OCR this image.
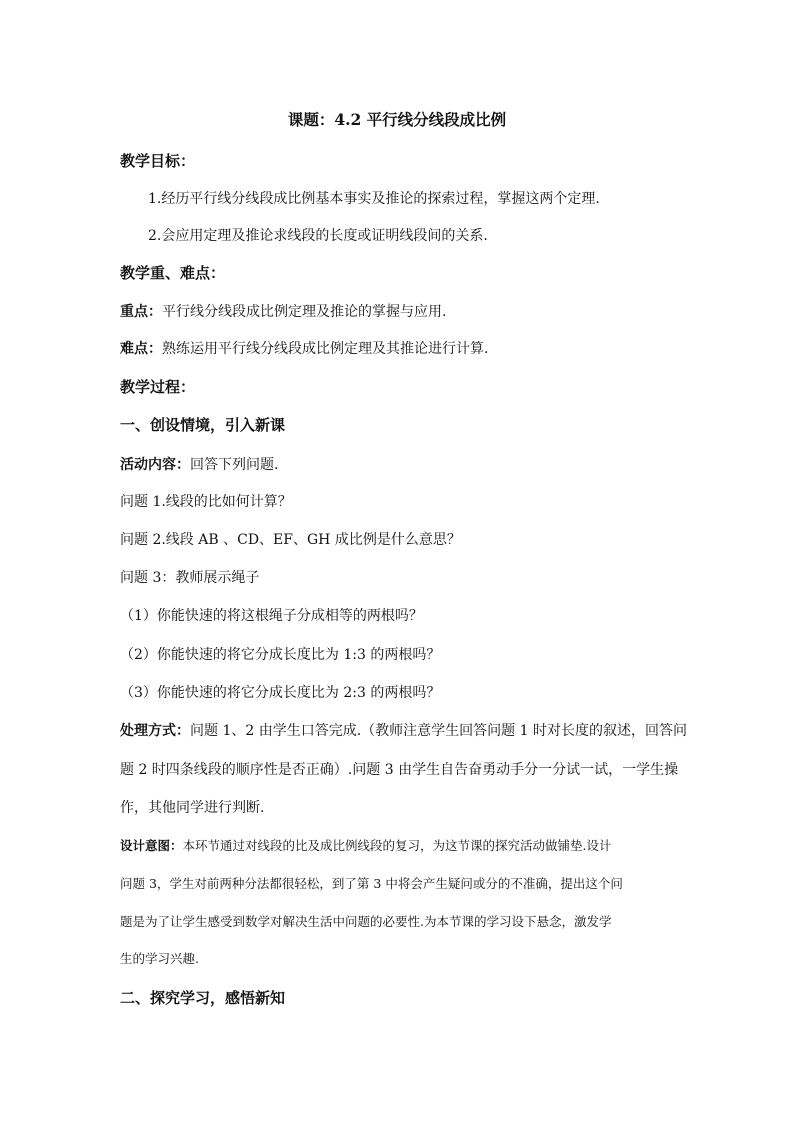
课题：4.2 平行线分线段成比例
教学目标：
1.经历平行线分线段成比例基本事实及推论的探索过程，掌握这两个定理.
2.会应用定理及推论求线段的长度或证明线段间的关系.
教学重、难点：
重点：平行线分线段成比例定理及推论的掌握与应用.
难点：熟练运用平行线分线段成比例定理及其推论进行计算.
教学过程：
一、创设情境，引入新课
活动内容：回答下列问题.
问题 1.线段的比如何计算？
问题 2.线段 AB 、CD、EF、GH 成比例是什么意思？
问题 3：教师展示绳子
（1）你能快速的将这根绳子分成相等的两根吗？
（2）你能快速的将它分成长度比为 1:3 的两根吗？
（3）你能快速的将它分成长度比为 2:3 的两根吗？
处理方式：问题 1、2 由学生口答完成.（教师注意学生回答问题 1 时对长度的叙述，回答问
题 2 时四条线段的顺序性是否正确）.问题 3 由学生自告奋勇动手分一分试一试，一学生操
作，其他同学进行判断.
设计意图：本环节通过对线段的比及成比例线段的复习，为这节课的探究活动做铺垫.设计
问题 3，学生对前两种分法都很轻松，到了第 3 中将会产生疑问或分的不准确，提出这个问
题是为了让学生感受到数学对解决生活中问题的必要性.为本节课的学习设下悬念，激发学
生的学习兴趣.
二、探究学习，感悟新知
